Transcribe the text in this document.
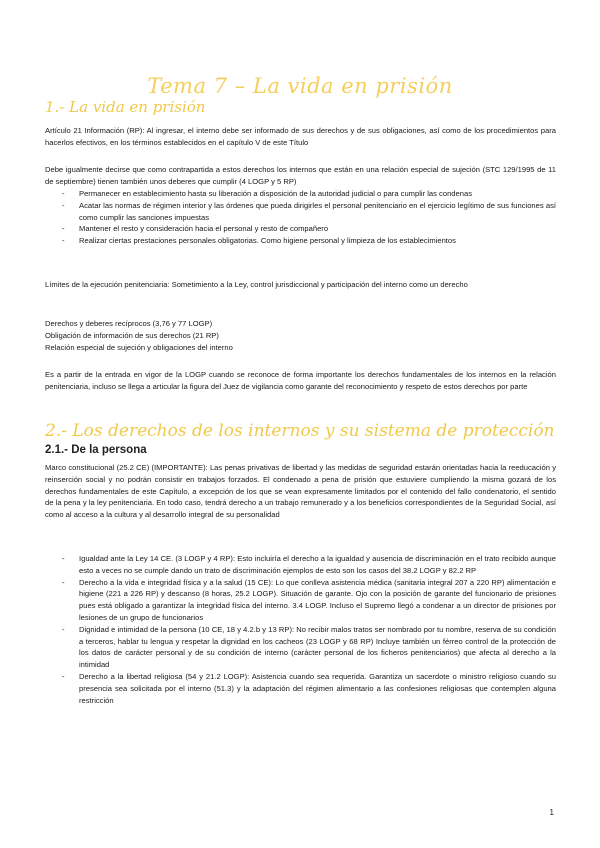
Tema 7 – La vida en prisión
1.- La vida en prisión

Artículo 21 Información (RP): Al ingresar, el interno debe ser informado de sus derechos y de sus obligaciones, así como de los procedimientos para hacerlos efectivos, en los términos establecidos en el capítulo V de este Título

Debe igualmente decirse que como contrapartida a estos derechos los internos que están en una relación especial de sujeción (STC 129/1995 de 11 de septiembre) tienen también unos deberes que cumplir (4 LOGP y 5 RP)

- Permanecer en establecimiento hasta su liberación a disposición de la autoridad judicial o para cumplir las condenas
- Acatar las normas de régimen interior y las órdenes que pueda dirigirles el personal penitenciario en el ejercicio legítimo de sus funciones así como cumplir las sanciones impuestas
- Mantener el resto y consideración hacia el personal y resto de compañero
- Realizar ciertas prestaciones personales obligatorias. Como higiene personal y limpieza de los establecimientos

Límites de la ejecución penitenciaria: Sometimiento a la Ley, control jurisdiccional y participación del interno como un derecho

Derechos y deberes recíprocos (3,76 y 77 LOGP)

Obligación de información de sus derechos (21 RP)

Relación especial de sujeción y obligaciones del interno

Es a partir de la entrada en vigor de la LOGP cuando se reconoce de forma importante los derechos fundamentales de los internos en la relación penitenciaria, incluso se llega a articular la figura del Juez de vigilancia como garante del reconocimiento y respeto de estos derechos por parte

2.- Los derechos de los internos y su sistema de protección
2.1.- De la persona

Marco constitucional (25.2 CE) (IMPORTANTE): Las penas privativas de libertad y las medidas de seguridad estarán orientadas hacia la reeducación y reinserción social y no podrán consistir en trabajos forzados. El condenado a pena de prisión que estuviere cumpliendo la misma gozará de los derechos fundamentales de este Capítulo, a excepción de los que se vean expresamente limitados por el contenido del fallo condenatorio, el sentido de la pena y la ley penitenciaria. En todo caso, tendrá derecho a un trabajo remunerado y a los beneficios correspondientes de la Seguridad Social, así como al acceso a la cultura y al desarrollo integral de su personalidad

- Igualdad ante la Ley 14 CE. (3 LOGP y 4 RP): Esto incluiría el derecho a la igualdad y ausencia de discriminación en el trato recibido aunque esto a veces no se cumple dando un trato de discriminación ejemplos de esto son los casos del 38.2 LOGP y 82.2 RP
- Derecho a la vida e integridad física y a la salud (15 CE): Lo que conlleva asistencia médica (sanitaria integral 207 a 220 RP) alimentación e higiene (221 a 226 RP) y descanso (8 horas, 25.2 LOGP). Situación de garante. Ojo con la posición de garante del funcionario de prisiones pues está obligado a garantizar la integridad física del interno. 3.4 LOGP. Incluso el Supremo llegó a condenar a un director de prisiones por lesiones de un grupo de funcionarios
- Dignidad e intimidad de la persona (10 CE, 18 y 4.2.b y 13 RP): No recibir malos tratos ser nombrado por tu nombre, reserva de su condición a terceros, hablar tu lengua y respetar la dignidad en los cacheos (23 LOGP y 68 RP) Incluye también un férreo control de la protección de los datos de carácter personal y de su condición de interno (carácter personal de los ficheros penitenciarios) que afecta al derecho a la intimidad
- Derecho a la libertad religiosa (54 y 21.2 LOGP): Asistencia cuando sea requerida. Garantiza un sacerdote o ministro religioso cuando su presencia sea solicitada por el interno (51.3) y la adaptación del régimen alimentario a las confesiones religiosas que contemplen alguna restricción
1
